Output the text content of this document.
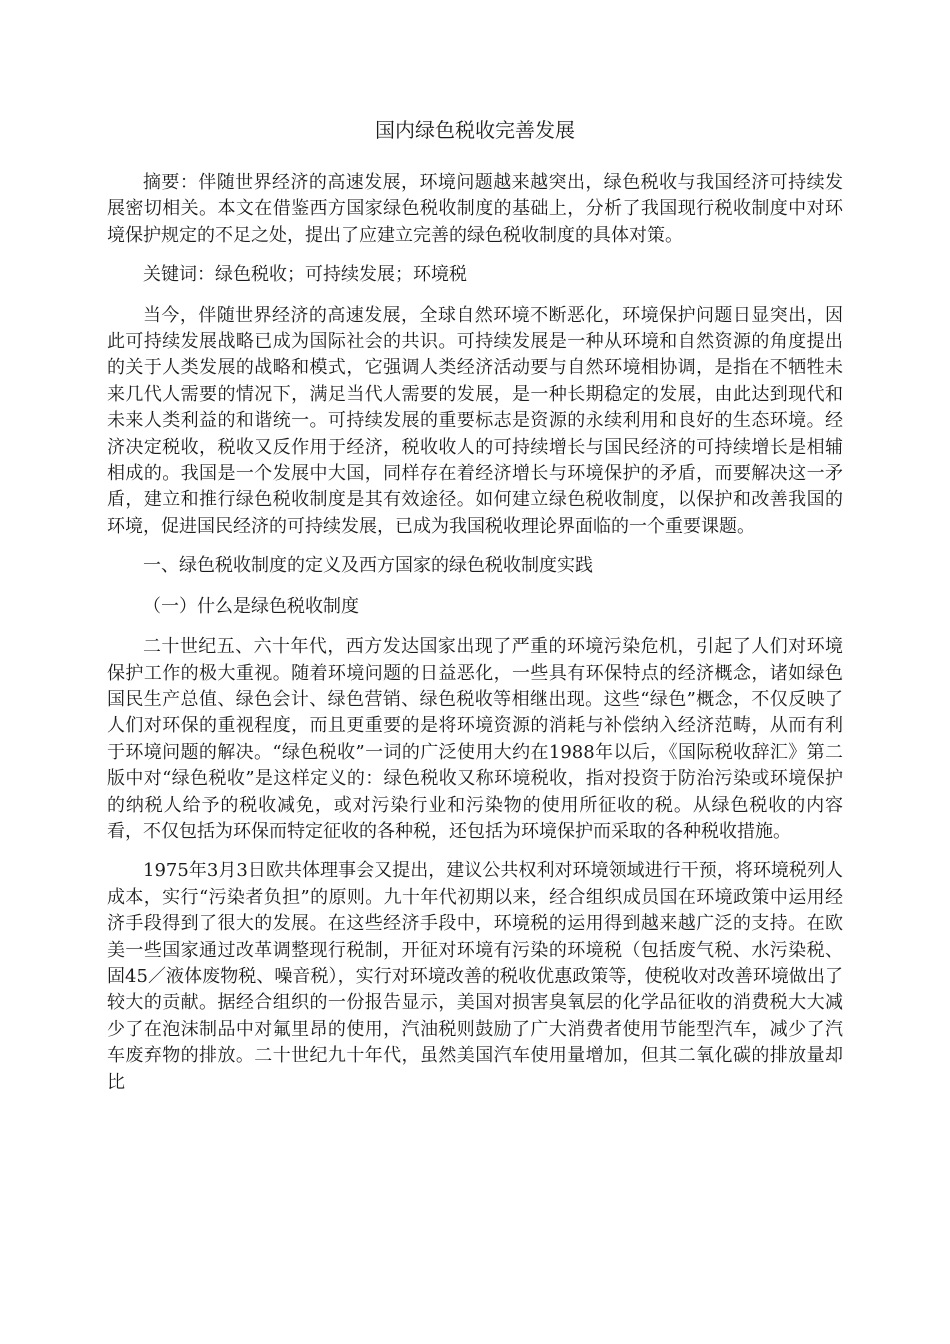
国内绿色税收完善发展

摘要：伴随世界经济的高速发展，环境问题越来越突出，绿色税收与我国经济可持续发展密切相关。本文在借鉴西方国家绿色税收制度的基础上，分析了我国现行税收制度中对环境保护规定的不足之处，提出了应建立完善的绿色税收制度的具体对策。

关键词：绿色税收；可持续发展；环境税

当今，伴随世界经济的高速发展，全球自然环境不断恶化，环境保护问题日显突出，因此可持续发展战略已成为国际社会的共识。可持续发展是一种从环境和自然资源的角度提出的关于人类发展的战略和模式，它强调人类经济活动要与自然环境相协调，是指在不牺牲未来几代人需要的情况下，满足当代人需要的发展，是一种长期稳定的发展，由此达到现代和未来人类利益的和谐统一。可持续发展的重要标志是资源的永续利用和良好的生态环境。经济决定税收，税收又反作用于经济，税收收人的可持续增长与国民经济的可持续增长是相辅相成的。我国是一个发展中大国，同样存在着经济增长与环境保护的矛盾，而要解决这一矛盾，建立和推行绿色税收制度是其有效途径。如何建立绿色税收制度，以保护和改善我国的环境，促进国民经济的可持续发展，已成为我国税收理论界面临的一个重要课题。

一、绿色税收制度的定义及西方国家的绿色税收制度实践

（一）什么是绿色税收制度

二十世纪五、六十年代，西方发达国家出现了严重的环境污染危机，引起了人们对环境保护工作的极大重视。随着环境问题的日益恶化，一些具有环保特点的经济概念，诸如绿色国民生产总值、绿色会计、绿色营销、绿色税收等相继出现。这些“绿色”概念，不仅反映了人们对环保的重视程度，而且更重要的是将环境资源的消耗与补偿纳入经济范畴，从而有利于环境问题的解决。“绿色税收”一词的广泛使用大约在1988年以后，《国际税收辞汇》第二版中对“绿色税收”是这样定义的：绿色税收又称环境税收，指对投资于防治污染或环境保护的纳税人给予的税收减免，或对污染行业和污染物的使用所征收的税。从绿色税收的内容看，不仅包括为环保而特定征收的各种税，还包括为环境保护而采取的各种税收措施。

1975年3月3日欧共体理事会又提出，建议公共权利对环境领域进行干预，将环境税列人成本，实行“污染者负担”的原则。九十年代初期以来，经合组织成员国在环境政策中运用经济手段得到了很大的发展。在这些经济手段中，环境税的运用得到越来越广泛的支持。在欧美一些国家通过改革调整现行税制，开征对环境有污染的环境税（包括废气税、水污染税、固45／液体废物税、噪音税），实行对环境改善的税收优惠政策等，使税收对改善环境做出了较大的贡献。据经合组织的一份报告显示，美国对损害臭氧层的化学品征收的消费税大大减少了在泡沫制品中对氟里昂的使用，汽油税则鼓励了广大消费者使用节能型汽车，减少了汽车废弃物的排放。二十世纪九十年代，虽然美国汽车使用量增加，但其二氧化碳的排放量却比
